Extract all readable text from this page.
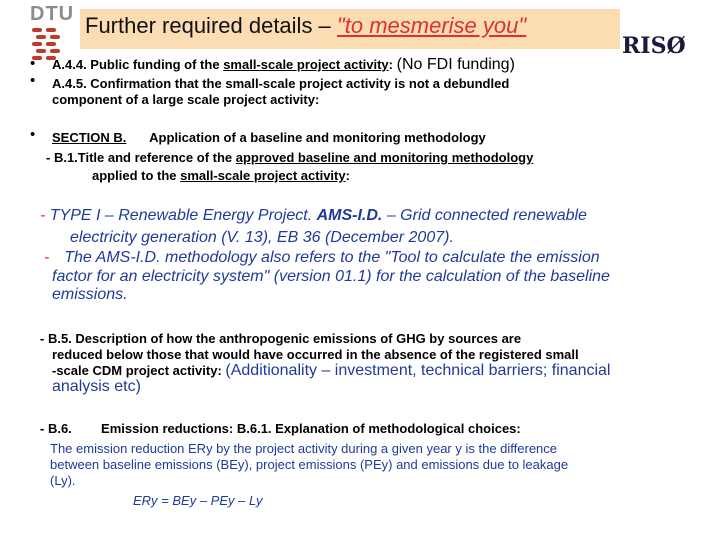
DTU Further required details – "to mesmerise you"
RISØ
• A.4.4. Public funding of the small-scale project activity: (No FDI funding)
• A.4.5. Confirmation that the small-scale project activity is not a debundled
component of a large scale project activity:
• SECTION B. Application of a baseline and monitoring methodology
- B.1.Title and reference of the approved baseline and monitoring methodology
applied to the small-scale project activity:
- TYPE I – Renewable Energy Project. AMS-I.D. – Grid connected renewable
electricity generation (V. 13), EB 36 (December 2007).
- The AMS-I.D. methodology also refers to the "Tool to calculate the emission
factor for an electricity system" (version 01.1) for the calculation of the baseline
emissions.
- B.5. Description of how the anthropogenic emissions of GHG by sources are
reduced below those that would have occurred in the absence of the registered small
-scale CDM project activity: (Additionality – investment, technical barriers; financial
analysis etc)
- B.6. Emission reductions: B.6.1. Explanation of methodological choices:
The emission reduction ERy by the project activity during a given year y is the difference
between baseline emissions (BEy), project emissions (PEy) and emissions due to leakage
(Ly).
ERy = BEy – PEy – Ly
